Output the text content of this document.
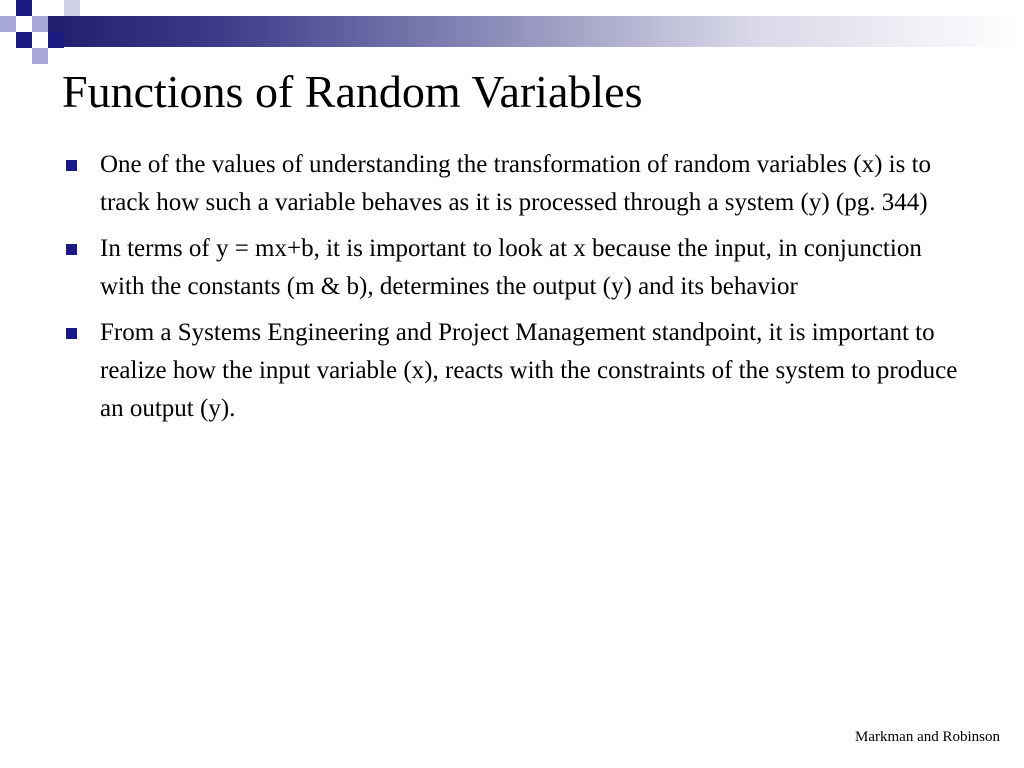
Functions of Random Variables
One of the values of understanding the transformation of random variables (x) is to track how such a variable behaves as it is processed through a system (y) (pg. 344)
In terms of y = mx+b, it is important to look at x because the input, in conjunction with the constants (m & b), determines the output (y) and its behavior
From a Systems Engineering and Project Management standpoint, it is important to realize how the input variable (x), reacts with the constraints of the system to produce an output (y).
Markman and Robinson
